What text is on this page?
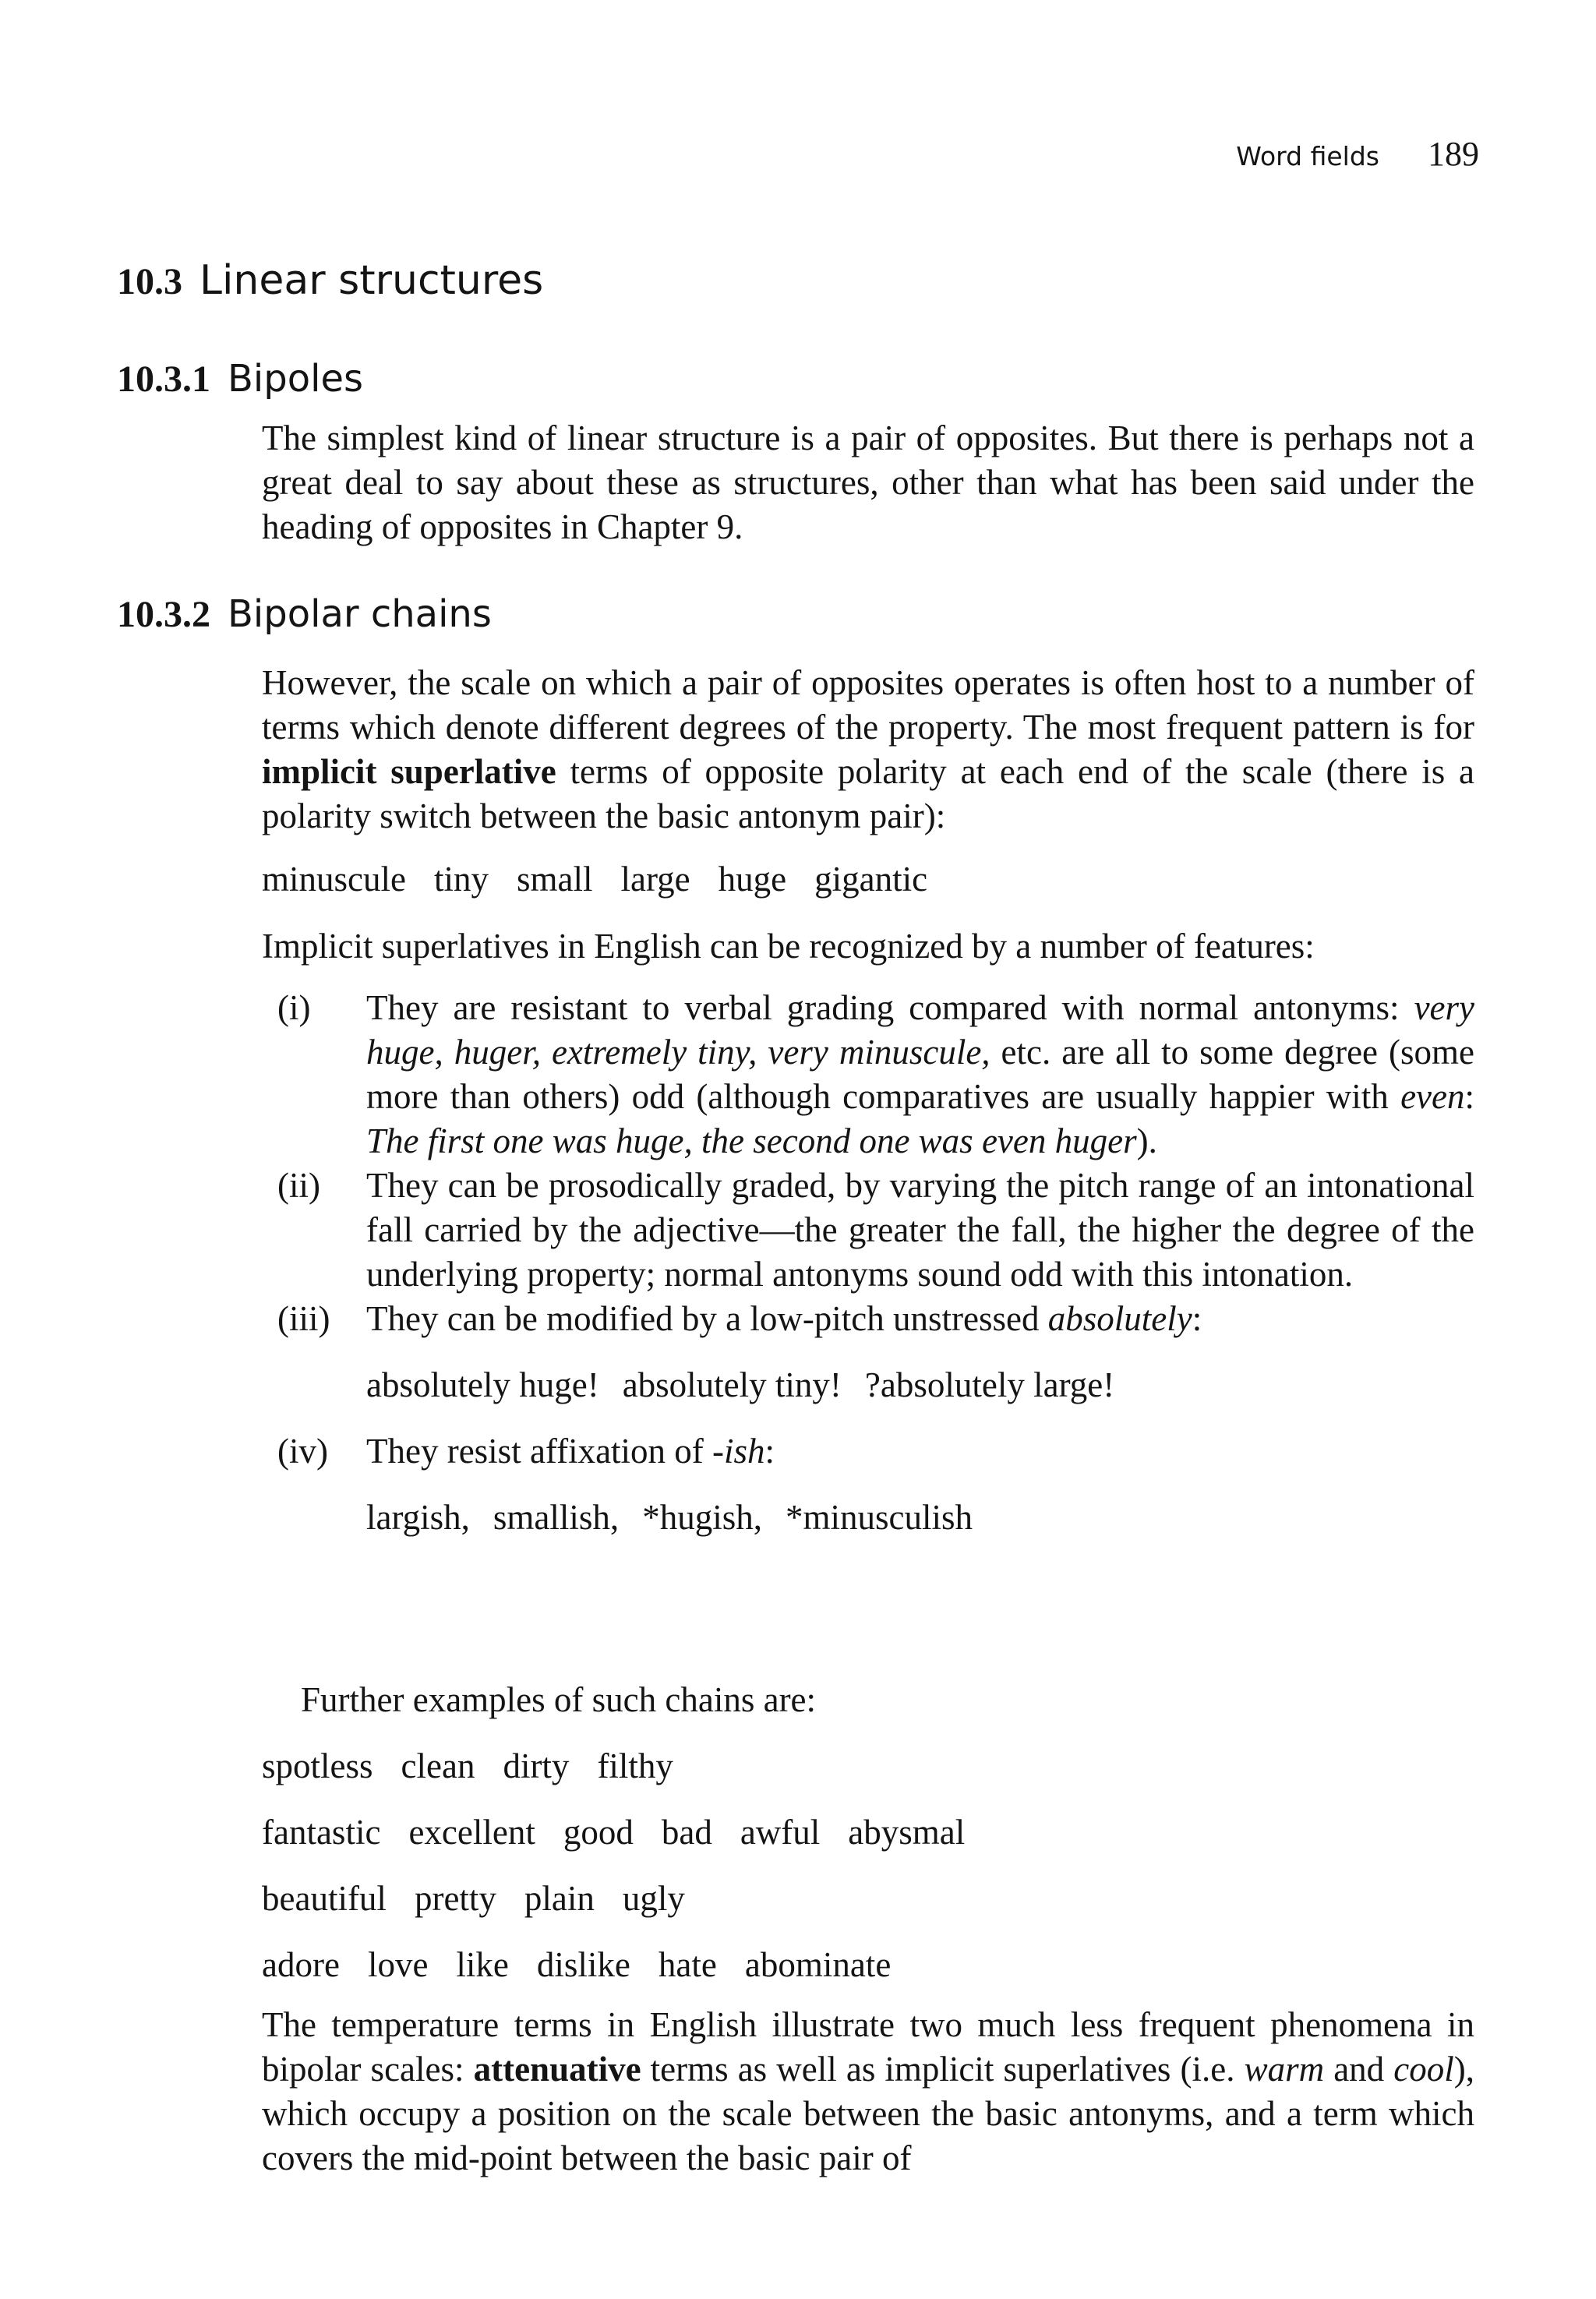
Word fields 189
10.3 Linear structures
10.3.1 Bipoles

The simplest kind of linear structure is a pair of opposites. But there is perhaps not a great deal to say about these as structures, other than what has been said under the heading of opposites in Chapter 9.

10.3.2 Bipolar chains

However, the scale on which a pair of opposites operates is often host to a number of terms which denote different degrees of the property. The most frequent pattern is for implicit superlative terms of opposite polarity at each end of the scale (there is a polarity switch between the basic antonym pair):

minuscule tiny small large huge gigantic

Implicit superlatives in English can be recognized by a number of features:

(i)	They are resistant to verbal grading compared with normal antonyms: very huge, huger, extremely tiny, very minuscule, etc. are all to some degree (some more than others) odd (although comparatives are usually happier with even: The first one was huge, the second one was even huger).
(ii)	They can be prosodically graded, by varying the pitch range of an intonational fall carried by the adjective—the greater the fall, the higher the degree of the underlying property; normal antonyms sound odd with this intonation.
(iii)	They can be modified by a low-pitch unstressed absolutely:
absolutely huge! absolutely tiny! ?absolutely large!
(iv)	They resist affixation of -ish:
largish, smallish, *hugish, *minusculish

Further examples of such chains are:

spotless clean dirty filthy
fantastic excellent good bad awful abysmal
beautiful pretty plain ugly
adore love like dislike hate abominate

The temperature terms in English illustrate two much less frequent phenomena in bipolar scales: attenuative terms as well as implicit superlatives (i.e. warm and cool), which occupy a position on the scale between the basic antonyms, and a term which covers the mid-point between the basic pair of
